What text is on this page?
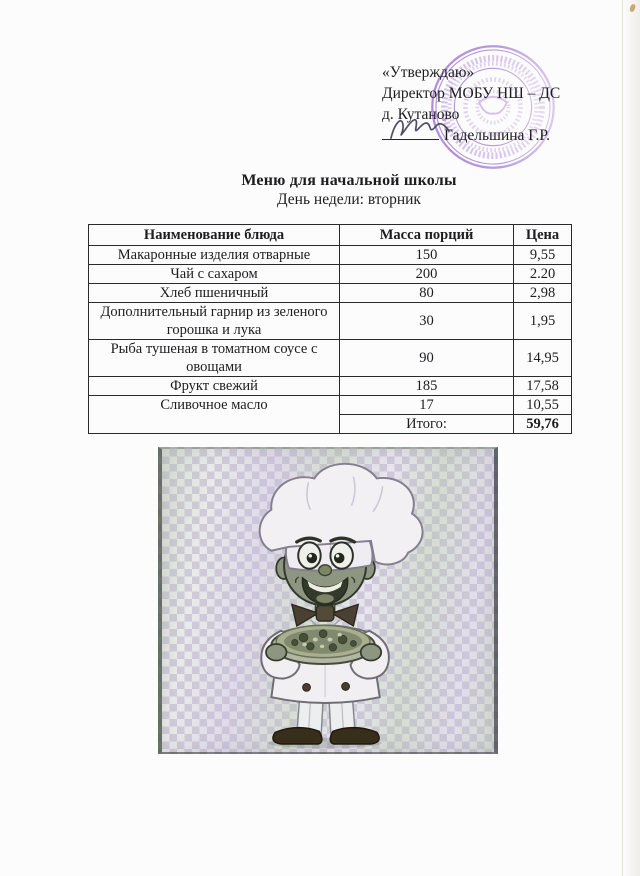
«Утверждаю»

Директор МОБУ НШ – ДС

д. Кутаново

Гадельшина Г.Р.

Меню для начальной школы

День недели: вторник

Наименование блюда	Масса порций	Цена
Макаронные изделия отварные	150	9,55
Чай с сахаром	200	2.20
Хлеб пшеничный	80	2,98
Дополнительный гарнир из зеленого горошка и лука	30	1,95
Рыба тушеная в томатном соусе с овощами	90	14,95
Фрукт свежий	185	17,58
Сливочное масло	17	10,55
	Итого:	59,76
